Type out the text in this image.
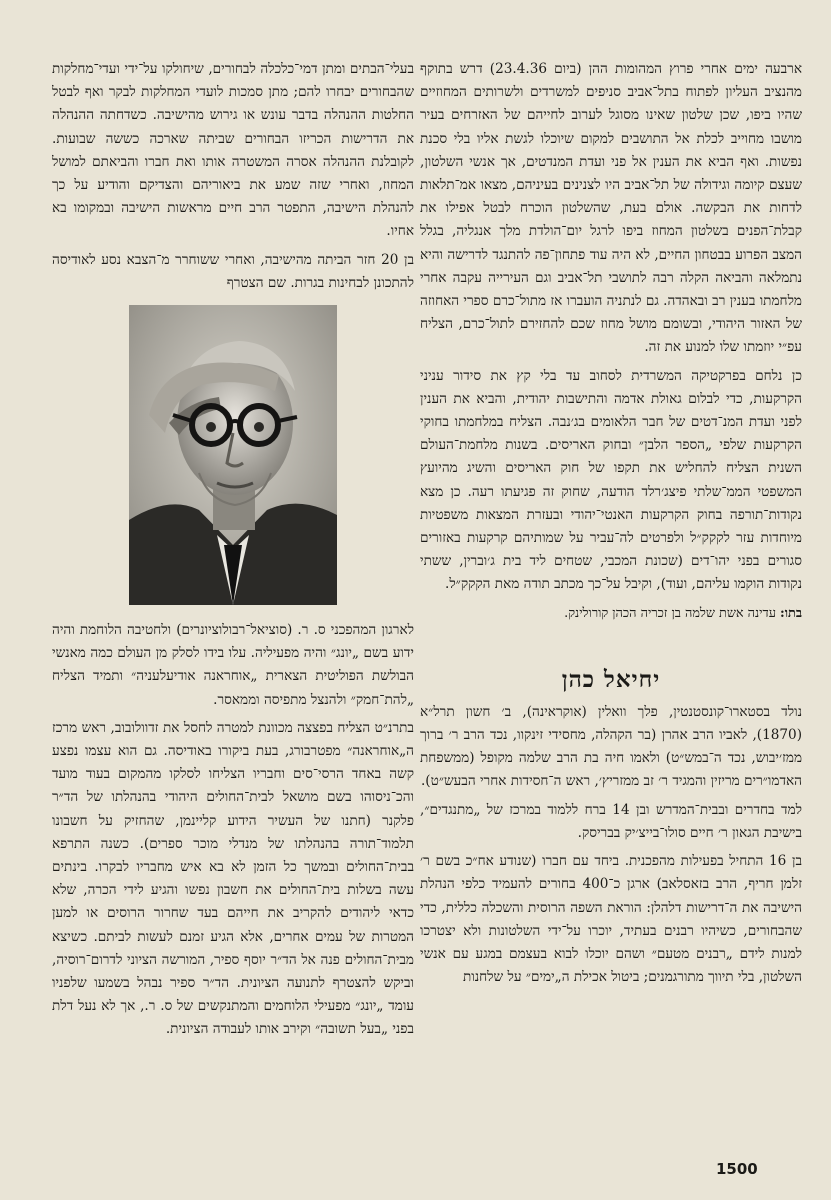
ארבעה ימים אחרי פרוץ המהומות ההן (ביום 23.4.36) דרש בתוקף מהנציב העליון לפתוח בתל־אביב סניפים למשרדים ולשרותים המחוזיים שהיו ביפו, שכן שלטון שאינו מסוגל לערוב לחייהם של האזרחים בעיר מושבו מחוייב לכלת אל התושבים למקום שיוכלו לגשת אליו בלי סכנת נפשות. ואף הביא את הענין אל פני ועדת המנדטים, אך אנשי השלטון, שעצם קיומה וגידולה של תל־אביב היו לצנינים בעיניהם, מצאו אמ־תלאות לדחות את הבקשה. אולם בעת, שהשלטון הוכרח לבטל אפילו את קבלת־הפנים בשלטון המחוז ביפו לרגל יום־הולדת מלך אנגליה, בגלל המצב הפרוע בבטחון החיים, לא היה עוד פתחון־פה להתנגד לדרישה והיא נתמלאה והביאה הקלה רבה לתושבי תל־אביב וגם העירייה עקבה אחרי מלחמתו בענין רב ובאהדה. גם לנתניה הועברו אז מתול־כרם ספרי האחוזה של האזור היהודי, ובשומם מושל מחוז שכם להחזירם לתול־כרם, הצליח עפ״י יוזמתו שלו למנוע את זה.

כן נלחם בפרקטיקה המשרדית לסחוב עד בלי קץ את סידור עניני הקרקעות, כדי לבלום גאולת אדמה והתישבות יהודית, והביא את הענין לפני ועדת המנ־דטים של חבר הלאומים בג׳נבה. הצליח במלחמתו בחוקי הקרקעות שלפי „הספר הלבן״ ובחוק האריסים. בשנות מלחמת־העולם השנית הצליח להחליש את תקפו של חוק האריסים והשיג מהיועץ המשפטי הממ־שלתי פיצג׳רלד הודעה, שחוק זה פגיעתו רעה. כן מצא נקודות־תורפה בחוק הקרקעות האנטי־יהודי ובעזרת המצאות משפטיות מיוחדות עזר לקקק״ל ולפרטים לה־עביר על שמותיהם קרקעות באזורים סגורים בפני יהו־דים (שכונת המכבי, שטחים ליד בית ג׳וברין, ששתי נקודות הוקמו עליהם, ועוד), וקיבל על־כך מכתב תודה מאת הקקק״ל.

בתו: עדינה אשת שלמה בן זכריה הכהן קורולינק.

יחיאל כהן

נולד בסטארו־קונסטנטין, פלך וואלין (אוקראינה), ב׳ חשון תרל״א (1870), לאביו הרב אהרן (בר הקהלה, מחסידי זינקוו, נכד הרב ר׳ ברוך ממז׳יבוש, נכד ה־במש״ט) ולאמו חיה בת הרב שלמה מקופל (ממשפחת האדמו״רים מריזין והמגיד ר׳ זב ממזריץ׳, ראש ה־חסידות אחרי הבעש״ט).

למד בחדרים ובבית־המדרש ובן 14 ברח ללמוד במרכז של „מתנגדים״, בישיבת הגאון ר׳ חיים סולו־בייצ׳יק בבריסק.

בן 16 התחיל בפעילות מהפכנית. ביחד עם חברו (שנודע אח״כ בשם ר׳ זלמן חריף, הרב בזאסלאב) ארגן כ־400 בחורים להעמיד כלפי הנהלת הישיבה את ה־דרישות דלהלן: הוראת השפה הרוסית והשכלה כללית, כדי שהבחורים, כשיהיו רבנים בעתיד, יוכרו על־ידי השלטונות ולא יצטרכו למנות לידם „רבנים מטעם״ ושהם יוכלו לבוא בעצמם במגע עם אנשי השלטון, בלי תיווך מתורגמנים; ביטול אכילת ה„ימים״ על שלחנות

בעלי־הבתים ומתן דמי־כלכלה לבחורים, שיחולקו על־ידי ועדי־מחלקות שהבחורים יבחרו להם; מתן סמכות לועדי המחלקות לבקר ואף לבטל החלטות ההנהלה בדבר עונש או גירוש מהישיבה. כשדחתה ההנהלה את הדרישות הכריזו הבחורים שביתה שארכה כששה שבועות. לקובלנת ההנהלה אסרה המשטרה אותו ואת חברו והביאתם למושל המחוז, ואחרי שזה שמע את ביאוריהם והצדיקם והודיע על כך להנהלת הישיבה, התפטר הרב חיים מראשות הישיבה ובמקומו בא אחיו.

בן 20 חזר הביתה מהישיבה, ואחרי ששוחרר מ־הצבא נסע לאודיסה להתכונן לבחינות בגרות. שם הצטרף

לארגון המהפכני ס. ר. (סוציאל־רבולוציונרים) ולחטיבה הלוחמת והיה ידוע בשם „יונג״ והיה מפעיליה. עלו בידו לסלק מן העולם כמה מאנשי הבולשת הפוליטית הצארית „אוחראנה אודיעלעניה״ ותמיד הצליח „להת־חמק״ ולהנצל מתפיסה וממאסר.

בתרנ״ט הצליח בפצצה מכוונת למטרה לחסל את זדוולובוב, ראש מרכז ה„אוחראנה״ מפטרבורג, בעת ביקורו באודיסה. גם הוא עצמו נפצע קשה באחד הרסי־סים וחבריו הצליחו לסלקו מהמקום בעוד מועד והכ־ניסוהו בשם מושאל לבית־החולים היהודי בהנהלתו של הד״ר פלקנר (חתנו של העשיר הידוע קליינמן, שהחזיק על חשבונו תלמוד־תורה בהנהלתו של מנדלי מוכר ספרים). כשנה התרפא בבית־החולים ובמשך כל הזמן לא בא איש מחבריו לבקרו. בינתים עשה בשלות בית־החולים את חשבון נפשו והגיע לידי הכרה, שלא כדאי ליהודים להקריב את חייהם בעד שחרור הרוסים או למען המטרות של עמים אחרים, אלא הגיע זמנם לעשות לביתם. כשיצא מבית־החולים פנה אל הד״ר יוסף ספיר, המורשה הציוני לדרום־רוסיה, וביקש להצטרף לתנועה הציונית. הד״ר ספיר נבהל בשמעו שלפניו עומד „יונג״ מפעילי הלוחמים והמתנקשים של ס. ר., אך לא נעל דלת בפני „בעל תשובה״ וקירב אותו לעבודה הציונית.

1500
